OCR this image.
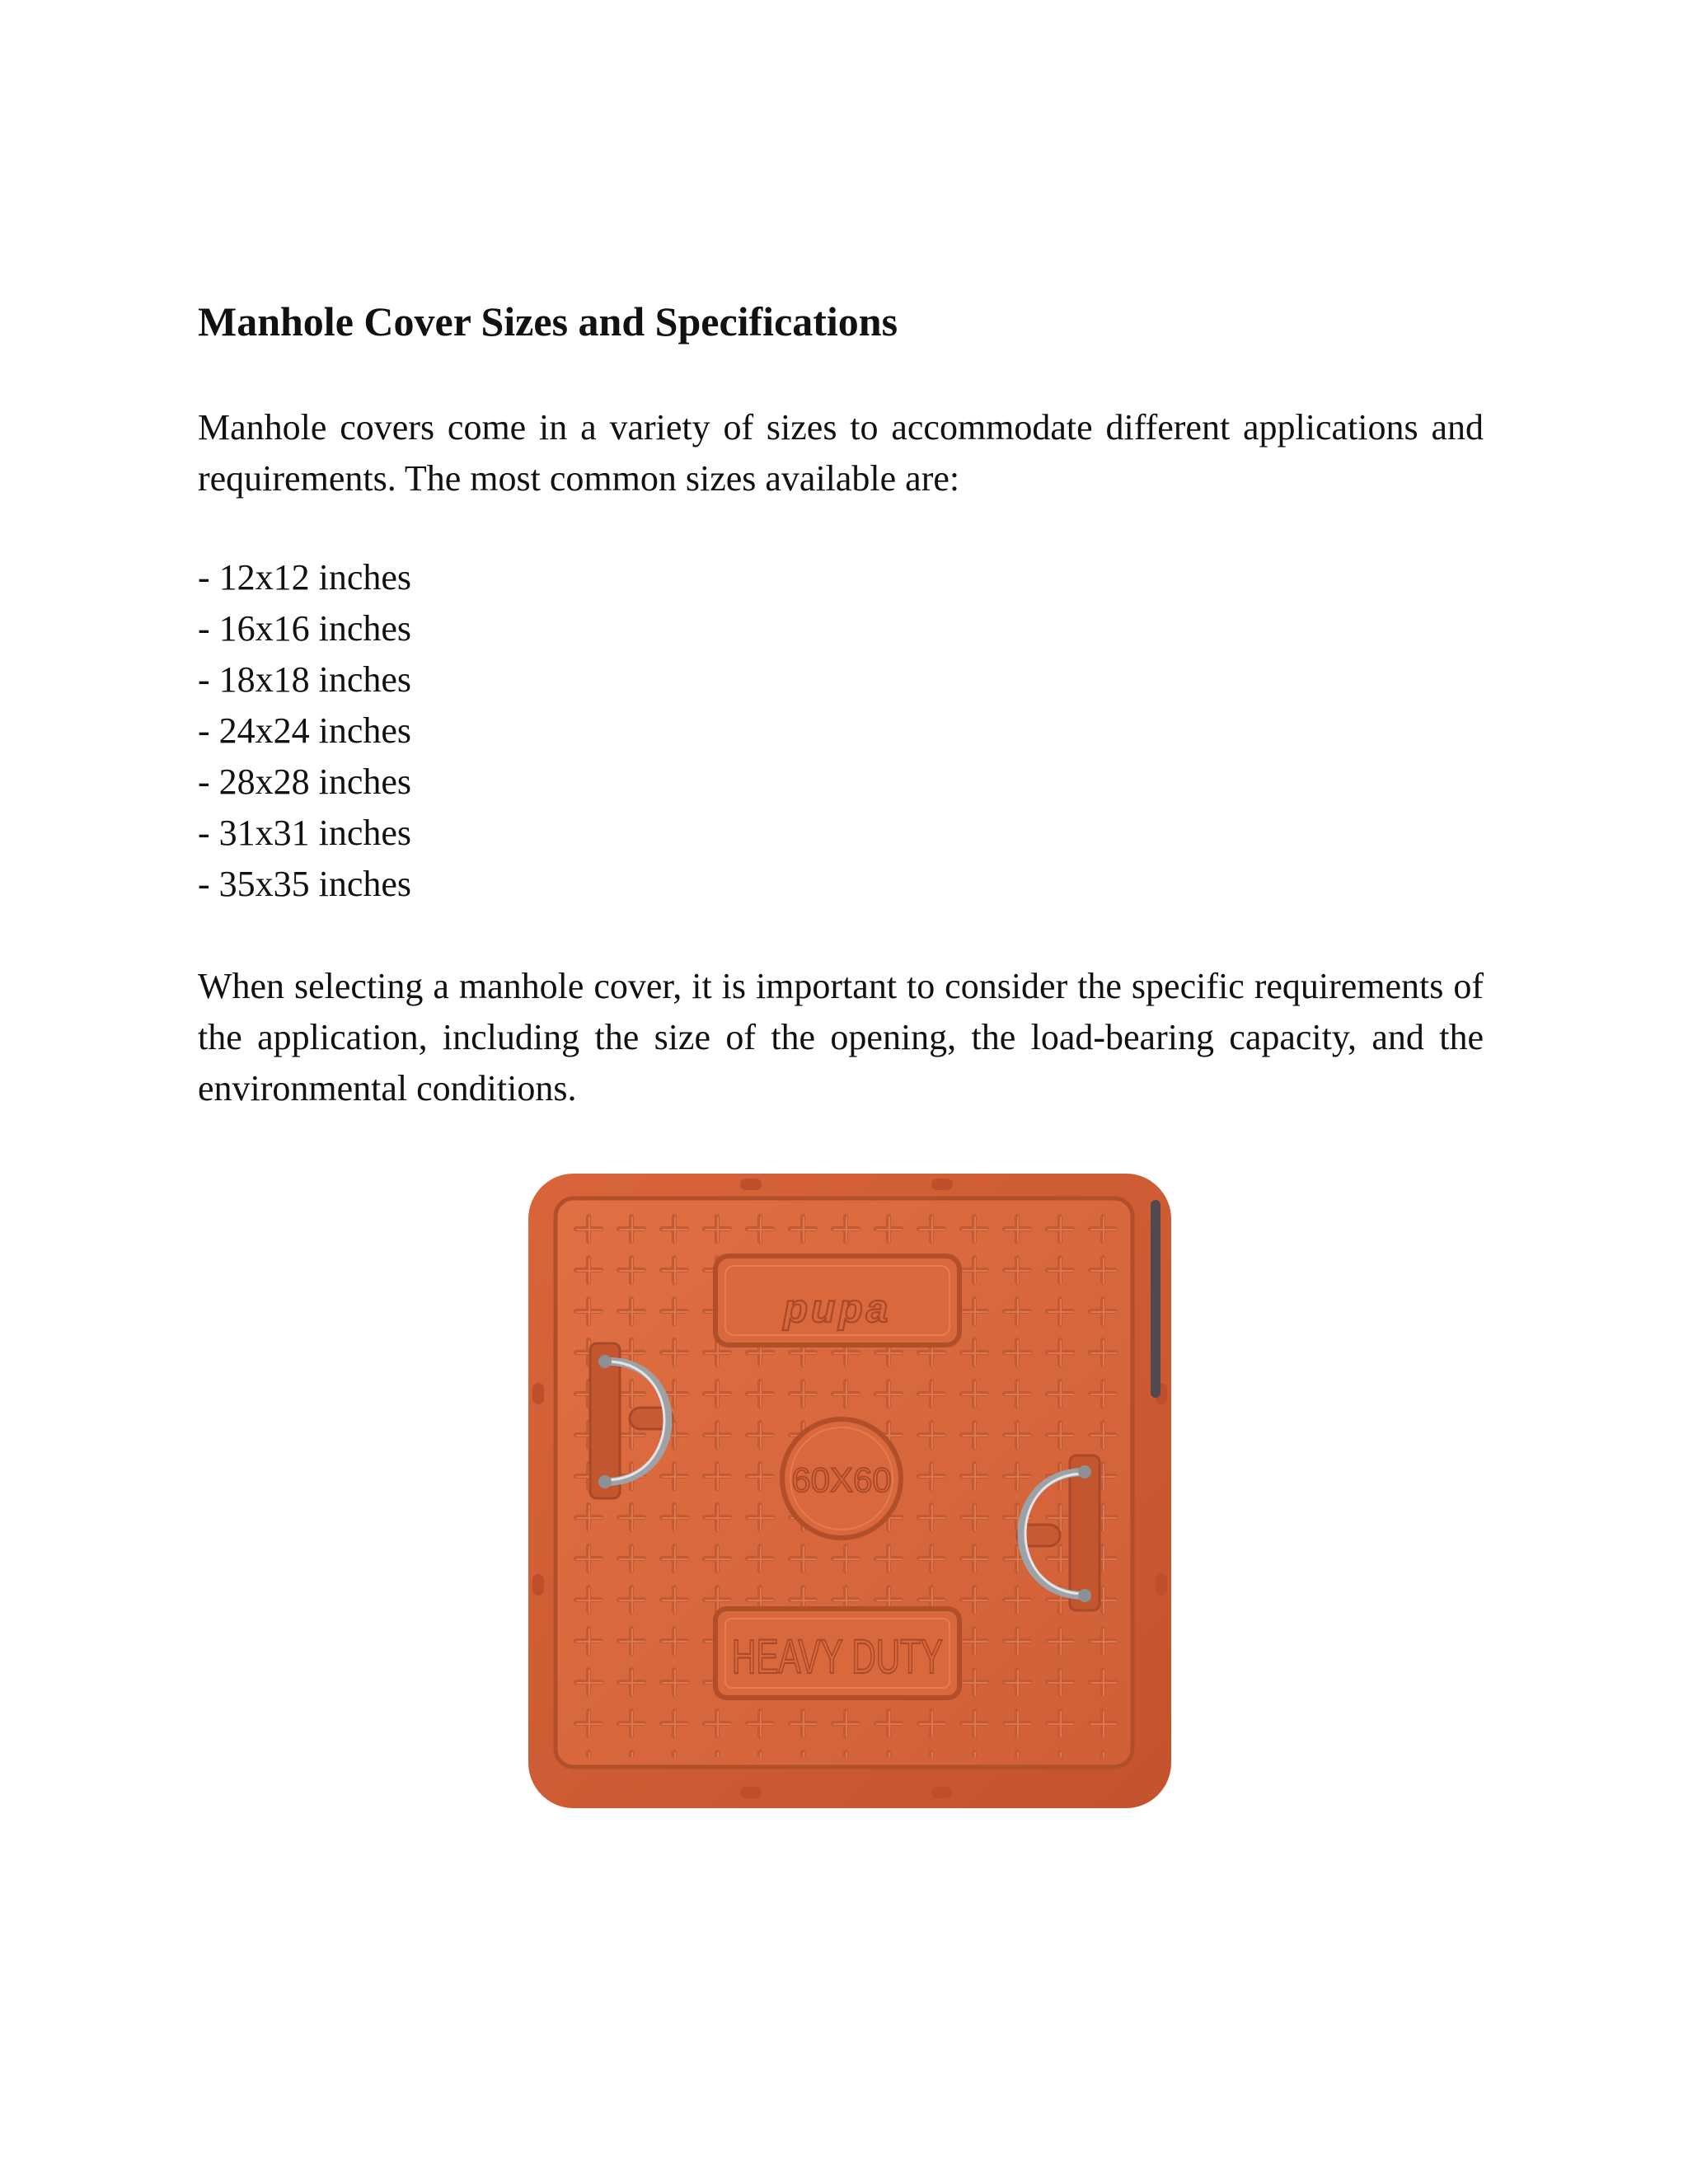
Manhole Cover Sizes and Specifications

Manhole covers come in a variety of sizes to accommodate different applications and requirements. The most common sizes available are:

- 12x12 inches
- 16x16 inches
- 18x18 inches
- 24x24 inches
- 28x28 inches
- 31x31 inches
- 35x35 inches

When selecting a manhole cover, it is important to consider the specific requirements of the application, including the size of the opening, the load-bearing capacity, and the environmental conditions.

pupa
60X60
HEAVY DUTY
